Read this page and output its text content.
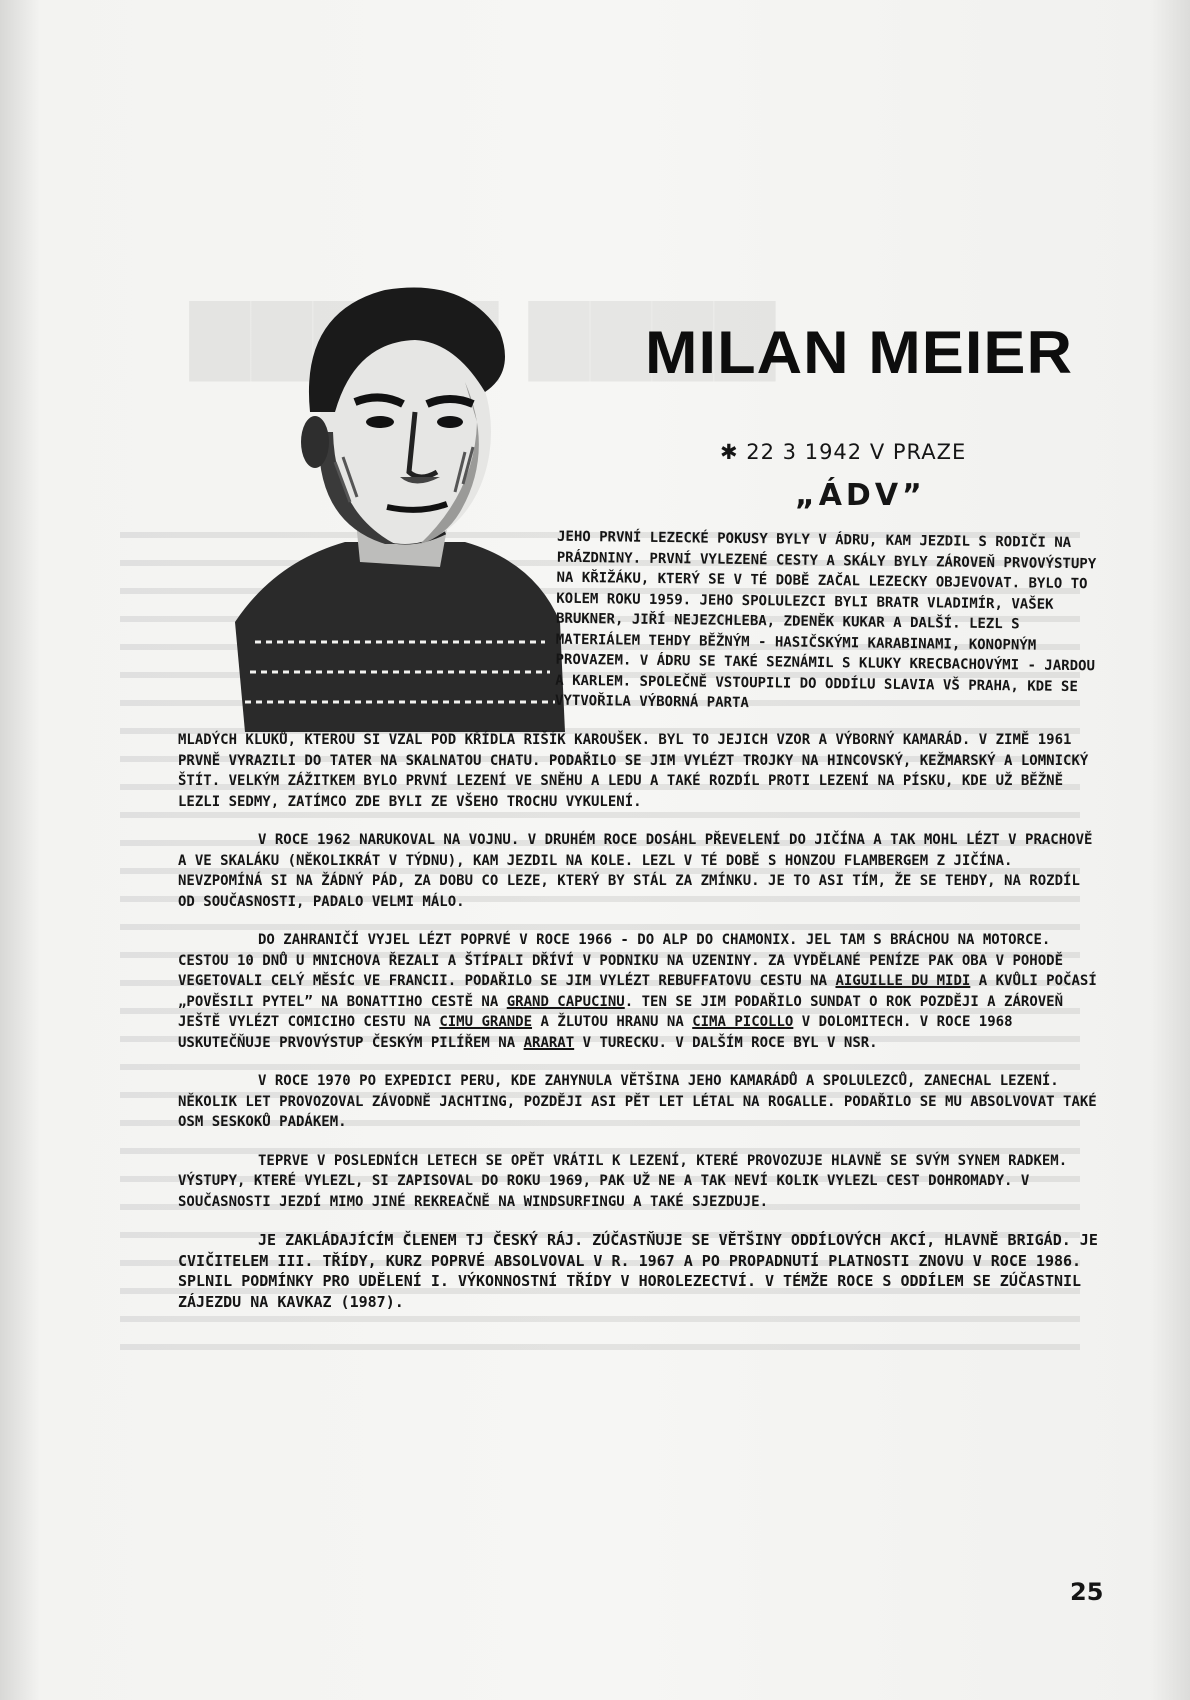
▇▇▇▇
MILAN MEIER
✱ 22 3 1942 V PRAZE
„ÁDV”

JEHO PRVNÍ LEZECKÉ POKUSY BYLY V ÁDRU, KAM JEZDIL S RODIČI NA PRÁZDNINY. PRVNÍ VYLEZENÉ CESTY A SKÁLY BYLY ZÁROVEŇ PRVOVÝSTUPY NA KŘIŽÁKU, KTERÝ SE V TÉ DOBĚ ZAČAL LEZECKY OBJEVOVAT. BYLO TO KOLEM ROKU 1959. JEHO SPOLULEZCI BYLI BRATR VLADIMÍR, VAŠEK BRUKNER, JIŘÍ NEJEZCHLEBA, ZDENĚK KUKAR A DALŠÍ. LEZL S MATERIÁLEM TEHDY BĚŽNÝM - HASIČSKÝMI KARABINAMI, KONOPNÝM PROVAZEM. V ÁDRU SE TAKÉ SEZNÁMIL S KLUKY KRECBACHOVÝMI - JARDOU A KARLEM. SPOLEČNĚ VSTOUPILI DO ODDÍLU SLAVIA VŠ PRAHA, KDE SE VYTVOŘILA VÝBORNÁ PARTA

MLADÝCH KLUKŮ, KTEROU SI VZAL POD KŘÍDLA RIŠÍK KAROUŠEK. BYL TO JEJICH VZOR A VÝBORNÝ KAMARÁD. V ZIMĚ 1961 PRVNĚ VYRAZILI DO TATER NA SKALNATOU CHATU. PODAŘILO SE JIM VYLÉZT TROJKY NA HINCOVSKÝ, KEŽMARSKÝ A LOMNICKÝ ŠTÍT. VELKÝM ZÁŽITKEM BYLO PRVNÍ LEZENÍ VE SNĚHU A LEDU A TAKÉ ROZDÍL PROTI LEZENÍ NA PÍSKU, KDE UŽ BĚŽNĚ LEZLI SEDMY, ZATÍMCO ZDE BYLI ZE VŠEHO TROCHU VYKULENÍ.

V ROCE 1962 NARUKOVAL NA VOJNU. V DRUHÉM ROCE DOSÁHL PŘEVELENÍ DO JIČÍNA A TAK MOHL LÉZT V PRACHOVĚ A VE SKALÁKU (NĚKOLIKRÁT V TÝDNU), KAM JEZDIL NA KOLE. LEZL V TÉ DOBĚ S HONZOU FLAMBERGEM Z JIČÍNA. NEVZPOMÍNÁ SI NA ŽÁDNÝ PÁD, ZA DOBU CO LEZE, KTERÝ BY STÁL ZA ZMÍNKU. JE TO ASI TÍM, ŽE SE TEHDY, NA ROZDÍL OD SOUČASNOSTI, PADALO VELMI MÁLO.

DO ZAHRANIČÍ VYJEL LÉZT POPRVÉ V ROCE 1966 - DO ALP DO CHAMONIX. JEL TAM S BRÁCHOU NA MOTORCE. CESTOU 10 DNŮ U MNICHOVA ŘEZALI A ŠTÍPALI DŘÍVÍ V PODNIKU NA UZENINY. ZA VYDĚLANÉ PENÍZE PAK OBA V POHODĚ VEGETOVALI CELÝ MĚSÍC VE FRANCII. PODAŘILO SE JIM VYLÉZT REBUFFATOVU CESTU NA AIGUILLE DU MIDI A KVŮLI POČASÍ „POVĚSILI PYTEL” NA BONATTIHO CESTĚ NA GRAND CAPUCINU. TEN SE JIM PODAŘILO SUNDAT O ROK POZDĚJI A ZÁROVEŇ JEŠTĚ VYLÉZT COMICIHO CESTU NA CIMU GRANDE A ŽLUTOU HRANU NA CIMA PICOLLO V DOLOMITECH. V ROCE 1968 USKUTEČŇUJE PRVOVÝSTUP ČESKÝM PILÍŘEM NA ARARAT V TURECKU. V DALŠÍM ROCE BYL V NSR.

V ROCE 1970 PO EXPEDICI PERU, KDE ZAHYNULA VĚTŠINA JEHO KAMARÁDŮ A SPOLULEZCŮ, ZANECHAL LEZENÍ. NĚKOLIK LET PROVOZOVAL ZÁVODNĚ JACHTING, POZDĚJI ASI PĚT LET LÉTAL NA ROGALLE. PODAŘILO SE MU ABSOLVOVAT TAKÉ OSM SESKOKŮ PADÁKEM.

TEPRVE V POSLEDNÍCH LETECH SE OPĚT VRÁTIL K LEZENÍ, KTERÉ PROVOZUJE HLAVNĚ SE SVÝM SYNEM RADKEM. VÝSTUPY, KTERÉ VYLEZL, SI ZAPISOVAL DO ROKU 1969, PAK UŽ NE A TAK NEVÍ KOLIK VYLEZL CEST DOHROMADY. V SOUČASNOSTI JEZDÍ MIMO JINÉ REKREAČNĚ NA WINDSURFINGU A TAKÉ SJEZDUJE.

JE ZAKLÁDAJÍCÍM ČLENEM TJ ČESKÝ RÁJ. ZÚČASTŇUJE SE VĚTŠINY ODDÍLOVÝCH AKCÍ, HLAVNĚ BRIGÁD. JE CVIČITELEM III. TŘÍDY, KURZ POPRVÉ ABSOLVOVAL V R. 1967 A PO PROPADNUTÍ PLATNOSTI ZNOVU V ROCE 1986. SPLNIL PODMÍNKY PRO UDĚLENÍ I. VÝKONNOSTNÍ TŘÍDY V HOROLEZECTVÍ. V TÉMŽE ROCE S ODDÍLEM SE ZÚČASTNIL ZÁJEZDU NA KAVKAZ (1987).

25
